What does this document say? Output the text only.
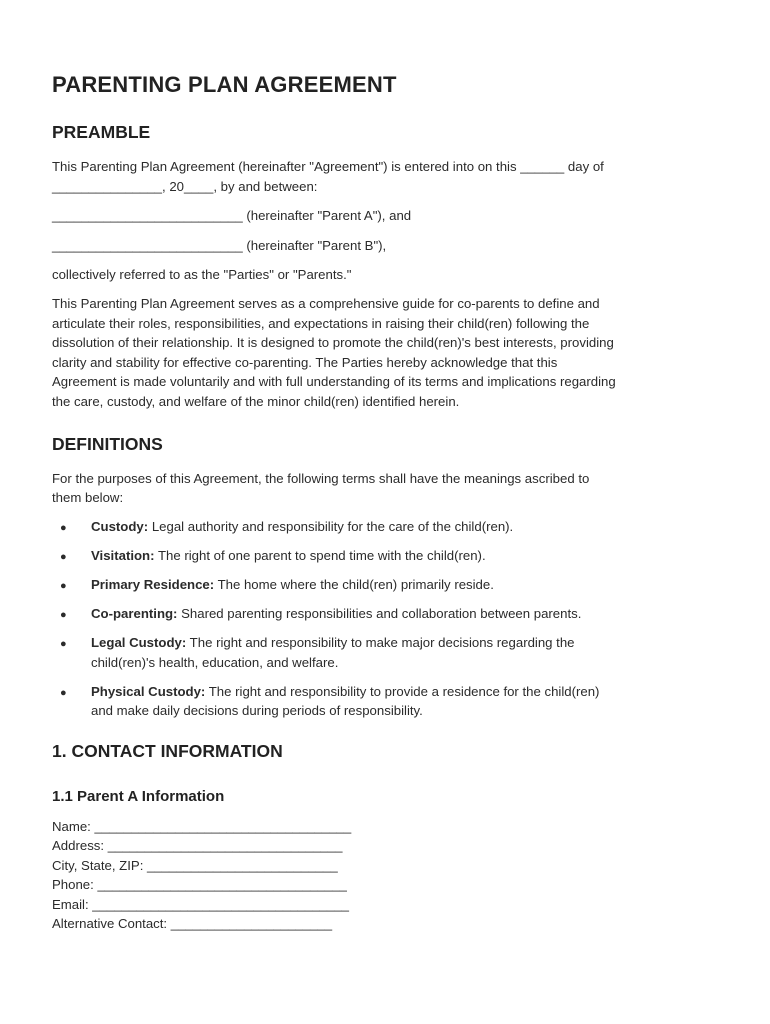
PARENTING PLAN AGREEMENT
PREAMBLE

This Parenting Plan Agreement (hereinafter "Agreement") is entered into on this ______ day of
_______________, 20____, by and between:

__________________________ (hereinafter "Parent A"), and

__________________________ (hereinafter "Parent B"),

collectively referred to as the "Parties" or "Parents."

This Parenting Plan Agreement serves as a comprehensive guide for co-parents to define and
articulate their roles, responsibilities, and expectations in raising their child(ren) following the
dissolution of their relationship. It is designed to promote the child(ren)'s best interests, providing
clarity and stability for effective co-parenting. The Parties hereby acknowledge that this
Agreement is made voluntarily and with full understanding of its terms and implications regarding
the care, custody, and welfare of the minor child(ren) identified herein.

DEFINITIONS

For the purposes of this Agreement, the following terms shall have the meanings ascribed to
them below:

● Custody: Legal authority and responsibility for the care of the child(ren).
● Visitation: The right of one parent to spend time with the child(ren).
● Primary Residence: The home where the child(ren) primarily reside.
● Co-parenting: Shared parenting responsibilities and collaboration between parents.
● Legal Custody: The right and responsibility to make major decisions regarding the
child(ren)'s health, education, and welfare.
● Physical Custody: The right and responsibility to provide a residence for the child(ren)
and make daily decisions during periods of responsibility.
1. CONTACT INFORMATION
1.1 Parent A Information

Name: ___________________________________

Address: ________________________________

City, State, ZIP: __________________________

Phone: __________________________________

Email: ___________________________________

Alternative Contact: ______________________
